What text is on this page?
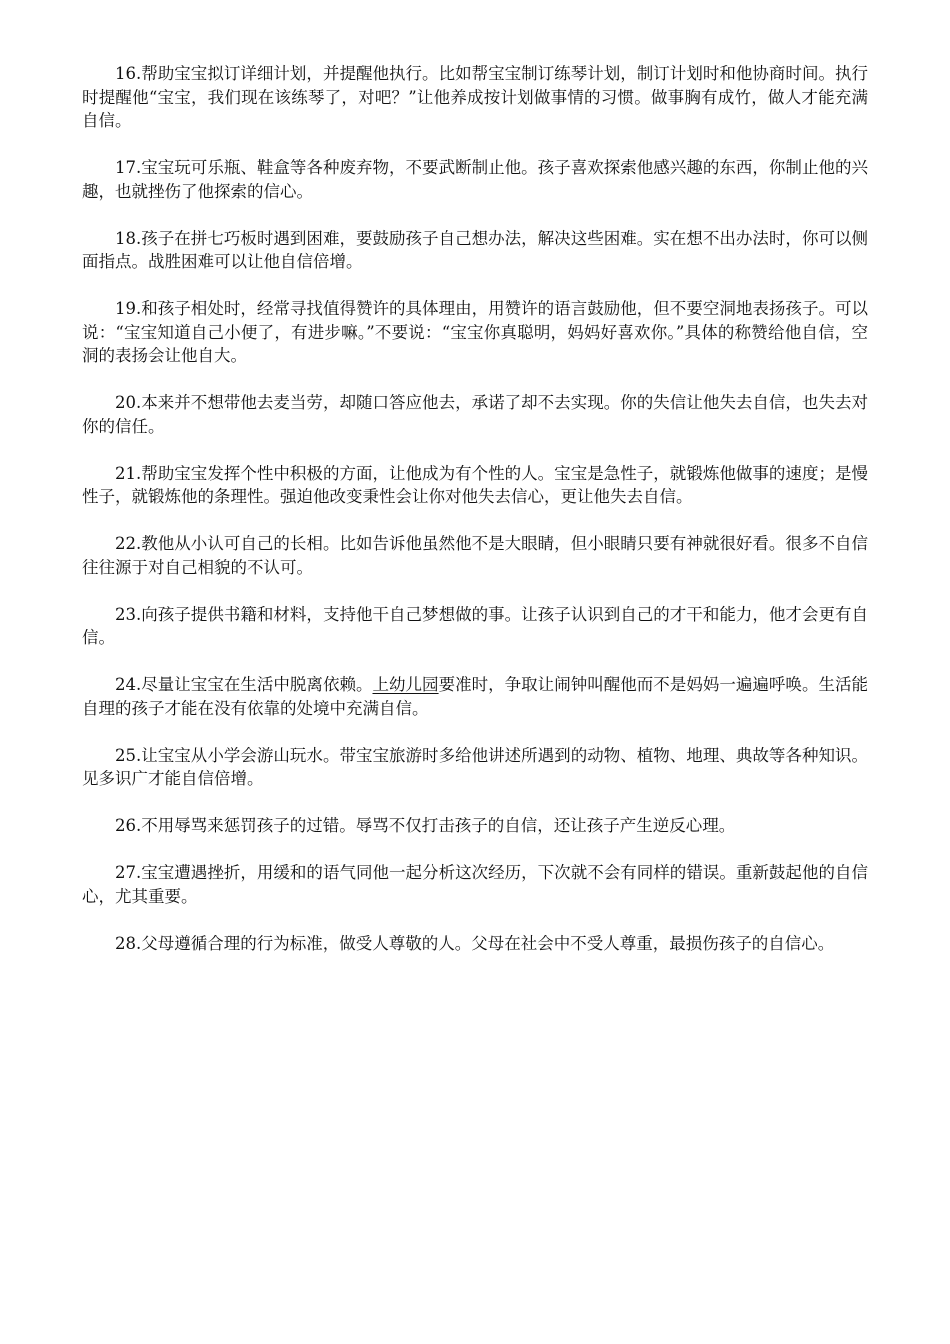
16.帮助宝宝拟订详细计划，并提醒他执行。比如帮宝宝制订练琴计划，制订计划时和他协商时间。执行时提醒他“宝宝，我们现在该练琴了，对吧？”让他养成按计划做事情的习惯。做事胸有成竹，做人才能充满自信。

17.宝宝玩可乐瓶、鞋盒等各种废弃物，不要武断制止他。孩子喜欢探索他感兴趣的东西，你制止他的兴趣，也就挫伤了他探索的信心。

18.孩子在拼七巧板时遇到困难，要鼓励孩子自己想办法，解决这些困难。实在想不出办法时，你可以侧面指点。战胜困难可以让他自信倍增。

19.和孩子相处时，经常寻找值得赞许的具体理由，用赞许的语言鼓励他，但不要空洞地表扬孩子。可以说：“宝宝知道自己小便了，有进步嘛。”不要说：“宝宝你真聪明，妈妈好喜欢你。”具体的称赞给他自信，空洞的表扬会让他自大。

20.本来并不想带他去麦当劳，却随口答应他去，承诺了却不去实现。你的失信让他失去自信，也失去对你的信任。

21.帮助宝宝发挥个性中积极的方面，让他成为有个性的人。宝宝是急性子，就锻炼他做事的速度；是慢性子，就锻炼他的条理性。强迫他改变秉性会让你对他失去信心，更让他失去自信。

22.教他从小认可自己的长相。比如告诉他虽然他不是大眼睛，但小眼睛只要有神就很好看。很多不自信往往源于对自己相貌的不认可。

23.向孩子提供书籍和材料，支持他干自己梦想做的事。让孩子认识到自己的才干和能力，他才会更有自信。

24.尽量让宝宝在生活中脱离依赖。上幼儿园要准时，争取让闹钟叫醒他而不是妈妈一遍遍呼唤。生活能自理的孩子才能在没有依靠的处境中充满自信。

25.让宝宝从小学会游山玩水。带宝宝旅游时多给他讲述所遇到的动物、植物、地理、典故等各种知识。见多识广才能自信倍增。

26.不用辱骂来惩罚孩子的过错。辱骂不仅打击孩子的自信，还让孩子产生逆反心理。

27.宝宝遭遇挫折，用缓和的语气同他一起分析这次经历，下次就不会有同样的错误。重新鼓起他的自信心，尤其重要。

28.父母遵循合理的行为标准，做受人尊敬的人。父母在社会中不受人尊重，最损伤孩子的自信心。
